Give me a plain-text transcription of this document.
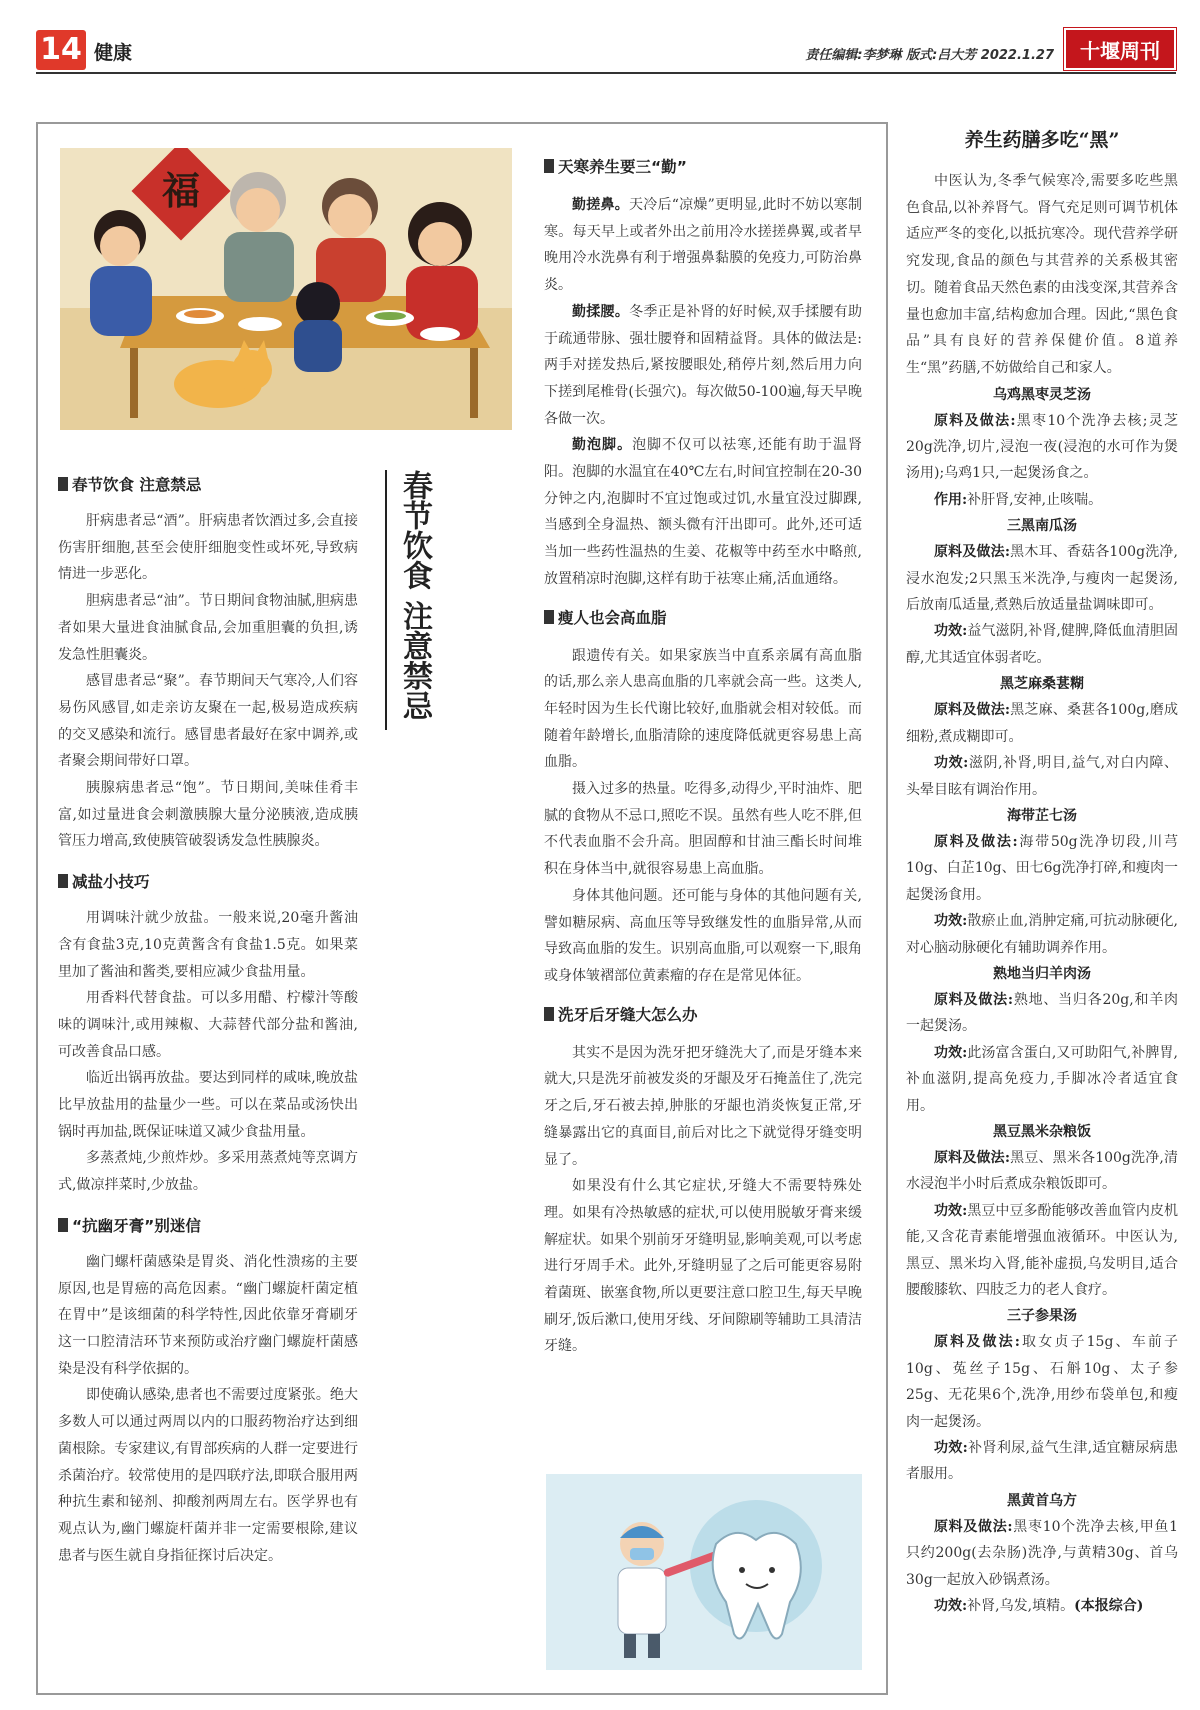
14 健康	责任编辑:李梦琳 版式:吕大芳 2022.1.27	十堰周刊
福
春节饮食 注意禁忌
春节饮食 注意禁忌

肝病患者忌“酒”。肝病患者饮酒过多,会直接伤害肝细胞,甚至会使肝细胞变性或坏死,导致病情进一步恶化。

胆病患者忌“油”。节日期间食物油腻,胆病患者如果大量进食油腻食品,会加重胆囊的负担,诱发急性胆囊炎。

感冒患者忌“聚”。春节期间天气寒冷,人们容易伤风感冒,如走亲访友聚在一起,极易造成疾病的交叉感染和流行。感冒患者最好在家中调养,或者聚会期间带好口罩。

胰腺病患者忌“饱”。节日期间,美味佳肴丰富,如过量进食会刺激胰腺大量分泌胰液,造成胰管压力增高,致使胰管破裂诱发急性胰腺炎。

减盐小技巧

用调味汁就少放盐。一般来说,20毫升酱油含有食盐3克,10克黄酱含有食盐1.5克。如果菜里加了酱油和酱类,要相应减少食盐用量。

用香料代替食盐。可以多用醋、柠檬汁等酸味的调味汁,或用辣椒、大蒜替代部分盐和酱油,可改善食品口感。

临近出锅再放盐。要达到同样的咸味,晚放盐比早放盐用的盐量少一些。可以在菜品或汤快出锅时再加盐,既保证味道又减少食盐用量。

多蒸煮炖,少煎炸炒。多采用蒸煮炖等烹调方式,做凉拌菜时,少放盐。

“抗幽牙膏”别迷信

幽门螺杆菌感染是胃炎、消化性溃疡的主要原因,也是胃癌的高危因素。“幽门螺旋杆菌定植在胃中”是该细菌的科学特性,因此依靠牙膏刷牙这一口腔清洁环节来预防或治疗幽门螺旋杆菌感染是没有科学依据的。

即使确认感染,患者也不需要过度紧张。绝大多数人可以通过两周以内的口服药物治疗达到细菌根除。专家建议,有胃部疾病的人群一定要进行杀菌治疗。较常使用的是四联疗法,即联合服用两种抗生素和铋剂、抑酸剂两周左右。医学界也有观点认为,幽门螺旋杆菌并非一定需要根除,建议患者与医生就自身指征探讨后决定。

天寒养生要三“勤”

勤搓鼻。天冷后“凉燥”更明显,此时不妨以寒制寒。每天早上或者外出之前用冷水搓搓鼻翼,或者早晚用冷水洗鼻有利于增强鼻黏膜的免疫力,可防治鼻炎。

勤揉腰。冬季正是补肾的好时候,双手揉腰有助于疏通带脉、强壮腰脊和固精益肾。具体的做法是:两手对搓发热后,紧按腰眼处,稍停片刻,然后用力向下搓到尾椎骨(长强穴)。每次做50-100遍,每天早晚各做一次。

勤泡脚。泡脚不仅可以祛寒,还能有助于温肾阳。泡脚的水温宜在40℃左右,时间宜控制在20-30分钟之内,泡脚时不宜过饱或过饥,水量宜没过脚踝,当感到全身温热、额头微有汗出即可。此外,还可适当加一些药性温热的生姜、花椒等中药至水中略煎,放置稍凉时泡脚,这样有助于祛寒止痛,活血通络。

瘦人也会高血脂

跟遗传有关。如果家族当中直系亲属有高血脂的话,那么亲人患高血脂的几率就会高一些。这类人,年轻时因为生长代谢比较好,血脂就会相对较低。而随着年龄增长,血脂清除的速度降低就更容易患上高血脂。

摄入过多的热量。吃得多,动得少,平时油炸、肥腻的食物从不忌口,照吃不误。虽然有些人吃不胖,但不代表血脂不会升高。胆固醇和甘油三酯长时间堆积在身体当中,就很容易患上高血脂。

身体其他问题。还可能与身体的其他问题有关,譬如糖尿病、高血压等导致继发性的血脂异常,从而导致高血脂的发生。识别高血脂,可以观察一下,眼角或身体皱褶部位黄素瘤的存在是常见体征。

洗牙后牙缝大怎么办

其实不是因为洗牙把牙缝洗大了,而是牙缝本来就大,只是洗牙前被发炎的牙龈及牙石掩盖住了,洗完牙之后,牙石被去掉,肿胀的牙龈也消炎恢复正常,牙缝暴露出它的真面目,前后对比之下就觉得牙缝变明显了。

如果没有什么其它症状,牙缝大不需要特殊处理。如果有冷热敏感的症状,可以使用脱敏牙膏来缓解症状。如果个别前牙牙缝明显,影响美观,可以考虑进行牙周手术。此外,牙缝明显了之后可能更容易附着菌斑、嵌塞食物,所以更要注意口腔卫生,每天早晚刷牙,饭后漱口,使用牙线、牙间隙刷等辅助工具清洁牙缝。

养生药膳多吃“黑”

中医认为,冬季气候寒冷,需要多吃些黑色食品,以补养肾气。肾气充足则可调节机体适应严冬的变化,以抵抗寒冷。现代营养学研究发现,食品的颜色与其营养的关系极其密切。随着食品天然色素的由浅变深,其营养含量也愈加丰富,结构愈加合理。因此,“黑色食品”具有良好的营养保健价值。8道养生“黑”药膳,不妨做给自己和家人。

乌鸡黑枣灵芝汤

原料及做法:黑枣10个洗净去核;灵芝20g洗净,切片,浸泡一夜(浸泡的水可作为煲汤用);乌鸡1只,一起煲汤食之。

作用:补肝肾,安神,止咳喘。

三黑南瓜汤

原料及做法:黑木耳、香菇各100g洗净,浸水泡发;2只黑玉米洗净,与瘦肉一起煲汤,后放南瓜适量,煮熟后放适量盐调味即可。

功效:益气滋阴,补肾,健脾,降低血清胆固醇,尤其适宜体弱者吃。

黑芝麻桑葚糊

原料及做法:黑芝麻、桑葚各100g,磨成细粉,煮成糊即可。

功效:滋阴,补肾,明目,益气,对白内障、头晕目眩有调治作用。

海带芷七汤

原料及做法:海带50g洗净切段,川芎10g、白芷10g、田七6g洗净打碎,和瘦肉一起煲汤食用。

功效:散瘀止血,消肿定痛,可抗动脉硬化,对心脑动脉硬化有辅助调养作用。

熟地当归羊肉汤

原料及做法:熟地、当归各20g,和羊肉一起煲汤。

功效:此汤富含蛋白,又可助阳气,补脾胃,补血滋阴,提高免疫力,手脚冰冷者适宜食用。

黑豆黑米杂粮饭

原料及做法:黑豆、黑米各100g洗净,清水浸泡半小时后煮成杂粮饭即可。

功效:黑豆中豆多酚能够改善血管内皮机能,又含花青素能增强血液循环。中医认为,黑豆、黑米均入肾,能补虚损,乌发明目,适合腰酸膝软、四肢乏力的老人食疗。

三子参果汤

原料及做法:取女贞子15g、车前子10g、菟丝子15g、石斛10g、太子参25g、无花果6个,洗净,用纱布袋单包,和瘦肉一起煲汤。

功效:补肾利尿,益气生津,适宜糖尿病患者服用。

黑黄首乌方

原料及做法:黑枣10个洗净去核,甲鱼1只约200g(去杂肠)洗净,与黄精30g、首乌30g一起放入砂锅煮汤。

功效:补肾,乌发,填精。(本报综合)
